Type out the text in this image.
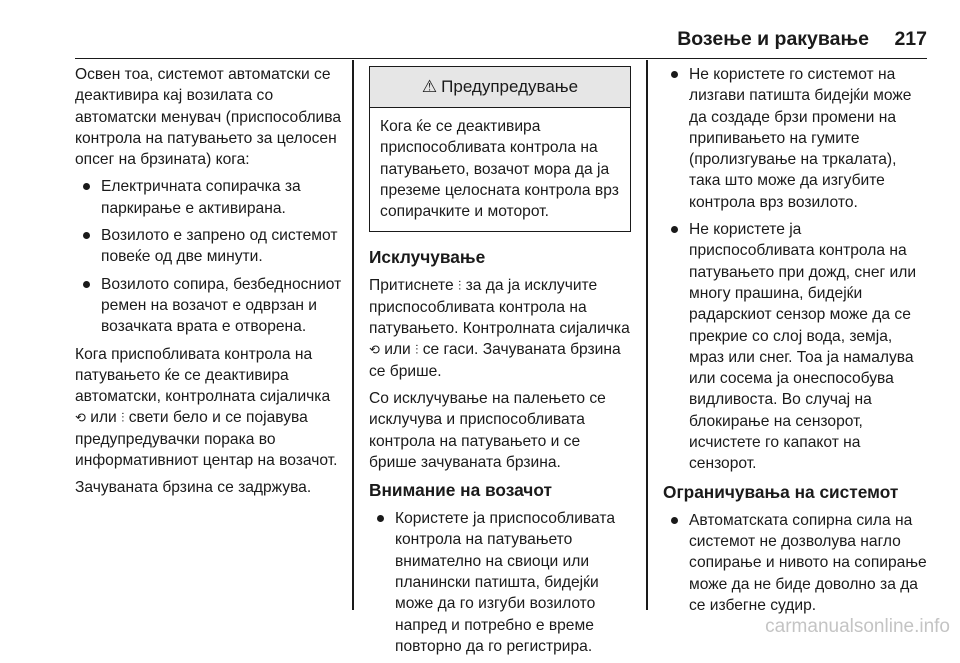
Возење и ракување 217

Освен тоа, системот автоматски се деактивира кај возилата со автоматски менувач (приспособлива контрола на патувањето за целосен опсег на брзината) кога:

Електричната сопирачка за паркирање е активирана.
Возилото е запрено од системот повеќе од две минути.
Возилото сопира, безбедносниот ремен на возачот е одврзан и возачката врата е отворена.

Кога приспобливата контрола на патувањето ќе се деактивира автоматски, контролната сијаличка ⟲ или ⫶ свети бело и се појавува предупредувачки порака во информативниот центар на возачот.

Зачуваната брзина се задржува.

⚠ Предупредување
Кога ќе се деактивира приспособливата контрола на патувањето, возачот мора да ја преземе целосната контрола врз сопирачките и моторот.
Исклучување

Притиснете ⫶ за да ја исклучите приспособливата контрола на патувањето. Контролната сијаличка ⟲ или ⫶ се гаси. Зачуваната брзина се брише.

Со исклучување на палењето се исклучува и приспособливата контрола на патувањето и се брише зачуваната брзина.

Внимание на возачот
Користете ја приспособливата контрола на патувањето внимателно на свиоци или планински патишта, бидејќи може да го изгуби возилото напред и потребно е време повторно да го регистрира.
Не користете го системот на лизгави патишта бидејќи може да создаде брзи промени на припивањето на гумите (пролизгување на тркалата), така што може да изгубите контрола врз возилото.
Не користете ја приспособливата контрола на патувањето при дожд, снег или многу прашина, бидејќи радарскиот сензор може да се прекрие со слој вода, земја, мраз или снег. Тоа ја намалува или сосема ја онеспособува видливоста. Во случај на блокирање на сензорот, исчистете го капакот на сензорот.
Ограничувања на системот
Автоматската сопирна сила на системот не дозволува нагло сопирање и нивото на сопирање може да не биде доволно за да се избегне судир.
carmanualsonline.info
